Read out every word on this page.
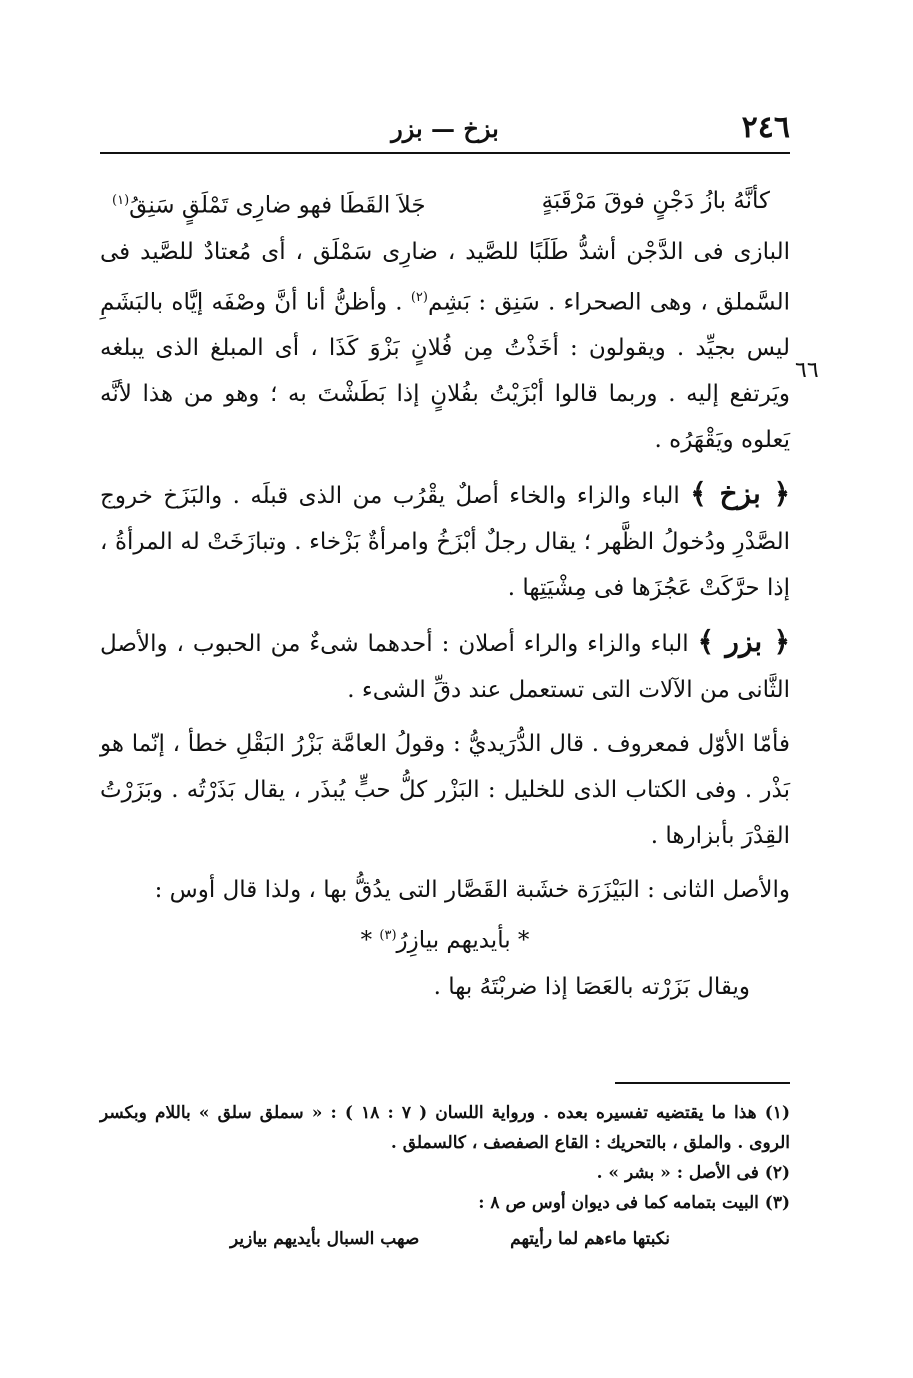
٢٤٦
بزخ — بزر
٦٦

كأنَّهُ بازُ دَجْنٍ فوقَ مَرْقَبَةٍ
جَلاَ القَطَا فهو ضارِى تَمْلَقٍ سَنِقُ$^{(١)}$

البازى فى الدَّجْن أشدُّ طَلَبًا للصَّيد ، ضارِى سَمْلَق ، أى مُعتادٌ للصَّيد فى السَّملق ، وهى الصحراء . سَنِق : بَشِم$^{(٢)}$ . وأظنُّ أنا أنَّ وصْفَه إيَّاه بالبَشَمِ ليس بجيِّد . ويقولون : أخَذْتُ مِن فُلانٍ بَزْوَ كَذَا ، أى المبلغ الذى يبلغه ويَرتفع إليه . وربما قالوا أبْزَيْتُ بفُلانٍ إذا بَطَشْتَ به ؛ وهو من هذا لأنَّه يَعلوه ويَقْهَرُه .

﴿ بزخ ﴾ الباء والزاء والخاء أصلٌ يقْرُب من الذى قبلَه . والبَزَخ خروج الصَّدْرِ ودُخولُ الظَّهر ؛ يقال رجلٌ أبْزَخُ وامرأةٌ بَزْخاء . وتبازَخَتْ له المرأةُ ، إذا حرَّكَتْ عَجُزَها فى مِشْيَتِها .

﴿ بزر ﴾ الباء والزاء والراء أصلان : أحدهما شىءٌ من الحبوب ، والأصل الثَّانى من الآلات التى تستعمل عند دقِّ الشىء .

فأمّا الأوّل فمعروف . قال الدُّرَيديُّ : وقولُ العامَّة بَزْرُ البَقْلِ خطأ ، إنّما هو بَذْر . وفى الكتاب الذى للخليل : البَزْر كلُّ حبٍّ يُبذَر ، يقال بَذَرْتُه . وبَزَرْتُ القِدْرَ بأبزارها .

والأصل الثانى : البَيْزَرَة خشَبة القَصَّار التى يدُقُّ بها ، ولذا قال أوس :

* بأيديهم بيازِرُ$^{(٣)}$ *

ويقال بَزَرْته بالعَصَا إذا ضربْتَهُ بها .

(١) هذا ما يقتضيه تفسيره بعده . ورواية اللسان ( ٧ : ١٨ ) : « سملق سلق » باللام وبكسر الروى . والملق ، بالتحريك : القاع الصفصف ، كالسملق .

(٢) فى الأصل : « بشر » .

(٣) البيت بتمامه كما فى ديوان أوس ص ٨ :

نكبتها ماءهم لما رأيتهم
صهب السبال بأيديهم بيازير
